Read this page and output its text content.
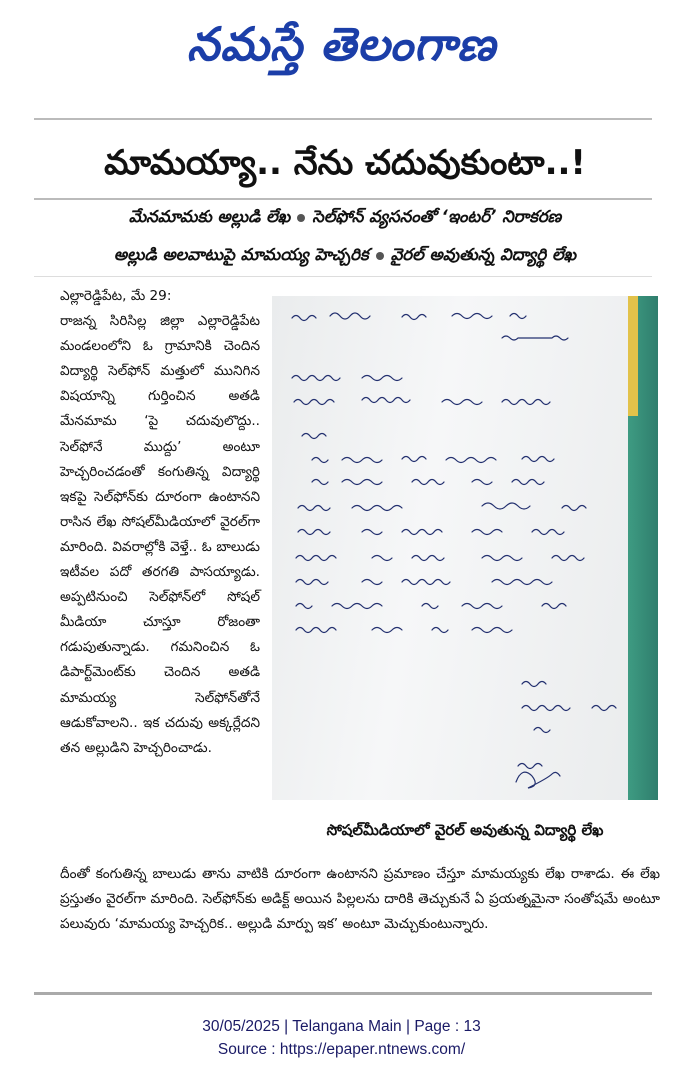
నమస్తే తెలంగాణ
మామయ్యా.. నేను చదువుకుంటా..!
మేనమామకు అల్లుడి లేఖ సెల్‌ఫోన్ వ్యసనంతో ‘ఇంటర్’ నిరాకరణ
అల్లుడి అలవాటుపై మామయ్య హెచ్చరిక వైరల్ అవుతున్న విద్యార్థి లేఖ

ఎల్లారెడ్డిపేట, మే 29:

రాజన్న సిరిసిల్ల జిల్లా ఎల్లారెడ్డిపేట మండలంలోని ఓ గ్రామానికి చెందిన విద్యార్థి సెల్‌ఫోన్ మత్తులో మునిగిన విషయాన్ని గుర్తించిన అతడి మేనమామ ‘పై చదువులొద్దు.. సెల్‌ఫోనే ముద్దు’ అంటూ హెచ్చరించడంతో కంగుతిన్న విద్యార్థి ఇకపై సెల్‌ఫోన్‌కు దూరంగా ఉంటానని రాసిన లేఖ సోషల్‌మీడియాలో వైరల్‌గా మారింది. వివరాల్లోకి వెళ్తే.. ఓ బాలుడు ఇటీవల పదో తరగతి పాసయ్యాడు. అప్పటినుంచి సెల్‌ఫోన్‌లో సోషల్ మీడియా చూస్తూ రోజంతా గడుపుతున్నాడు. గమనించిన ఓ డిపార్ట్‌మెంట్‌కు చెందిన అతడి మామయ్య సెల్‌ఫోన్‌తోనే ఆడుకోవాలని.. ఇక చదువు అక్కర్లేదని తన అల్లుడిని హెచ్చరించాడు.

సోషల్‌మీడియాలో వైరల్ అవుతున్న విద్యార్థి లేఖ
దీంతో కంగుతిన్న బాలుడు తాను వాటికి దూరంగా ఉంటానని ప్రమాణం చేస్తూ మామయ్యకు లేఖ రాశాడు. ఈ లేఖ ప్రస్తుతం వైరల్‌గా మారింది. సెల్‌ఫోన్‌కు అడిక్ట్ అయిన పిల్లలను దారికి తెచ్చుకునే ఏ ప్రయత్నమైనా సంతోషమే అంటూ పలువురు ‘మామయ్య హెచ్చరిక.. అల్లుడి మార్పు ఇక’ అంటూ మెచ్చుకుంటున్నారు.
30/05/2025 | Telangana Main | Page : 13
Source : https://epaper.ntnews.com/
